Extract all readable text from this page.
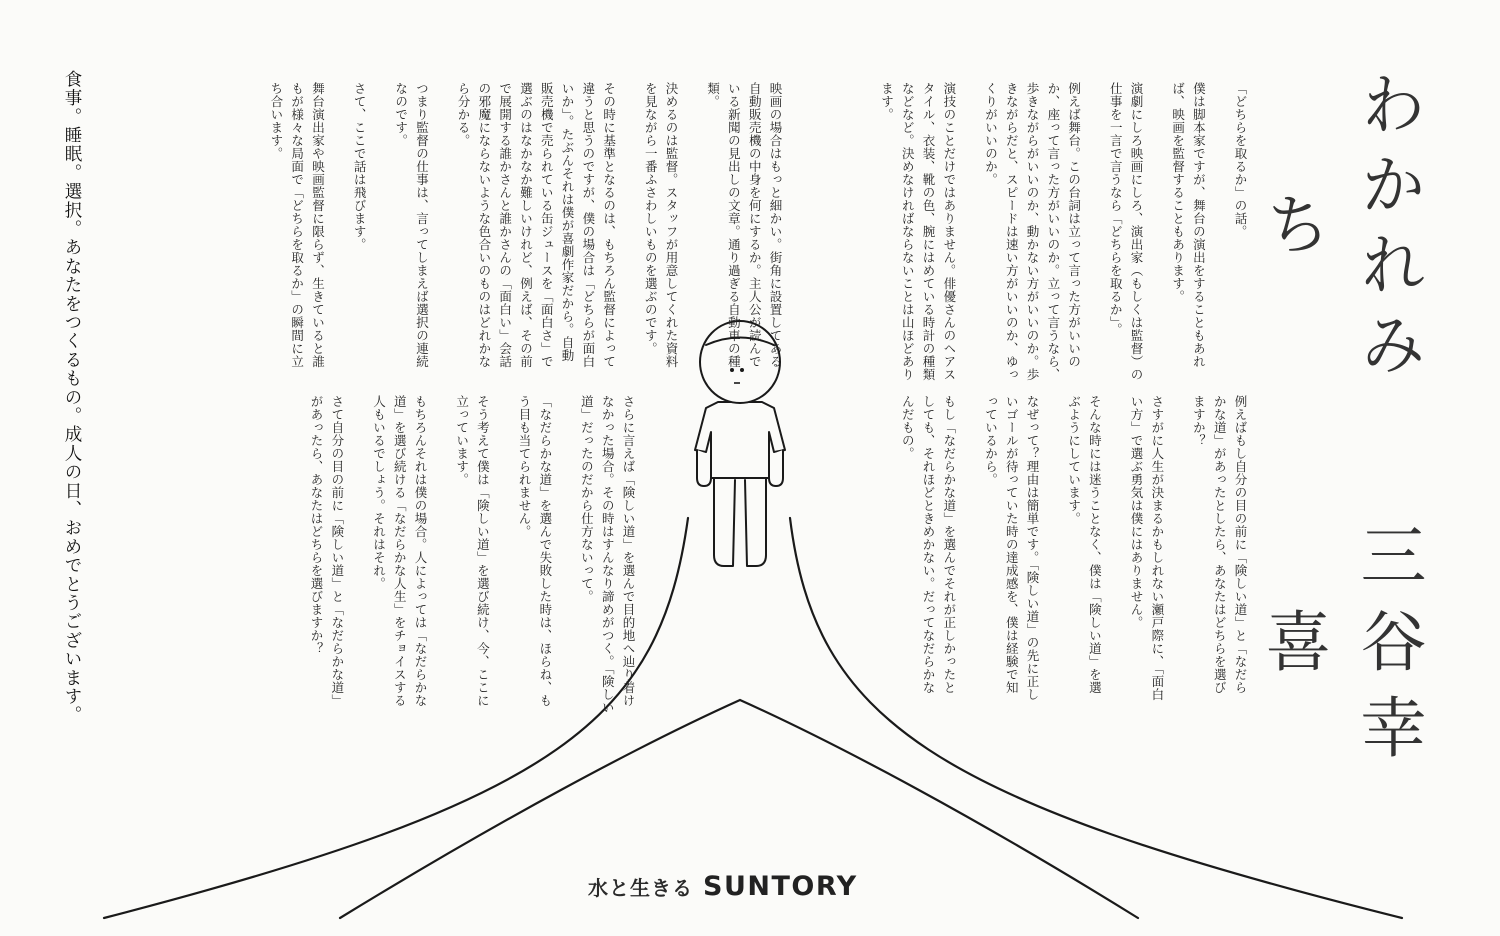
わかれみち
三谷幸喜

「どちらを取るか」の話。

僕は脚本家ですが、舞台の演出をすることもあれば、映画を監督することもあります。

演劇にしろ映画にしろ、演出家（もしくは監督）の仕事を一言で言うなら「どちらを取るか」。

例えば舞台。この台詞は立って言った方がいいのか、座って言った方がいいのか。立って言うなら、歩きながらがいいのか、動かない方がいいのか。歩きながらだと、スピードは速い方がいいのか、ゆっくりがいいのか。

演技のことだけではありません。俳優さんのヘアスタイル、衣装、靴の色、腕にはめている時計の種類などなど。決めなければならないことは山ほどあります。

映画の場合はもっと細かい。街角に設置してある自動販売機の中身を何にするか。主人公が読んでいる新聞の見出しの文章。通り過ぎる自動車の種類。

決めるのは監督。スタッフが用意してくれた資料を見ながら一番ふさわしいものを選ぶのです。

その時に基準となるのは、もちろん監督によって違うと思うのですが、僕の場合は「どちらが面白いか」。たぶんそれは僕が喜劇作家だから。自動販売機で売られている缶ジュースを「面白さ」で選ぶのはなかなか難しいけれど、例えば、その前で展開する誰かさんと誰かさんの「面白い」会話の邪魔にならないような色合いのものはどれかなら分かる。

つまり監督の仕事は、言ってしまえば選択の連続なのです。

さて、ここで話は飛びます。

舞台演出家や映画監督に限らず、生きていると誰もが様々な局面で「どちらを取るか」の瞬間に立ち合います。

例えばもし自分の目の前に「険しい道」と「なだらかな道」があったとしたら、あなたはどちらを選びますか？

さすがに人生が決まるかもしれない瀬戸際に、「面白い方」で選ぶ勇気は僕にはありません。

そんな時には迷うことなく、僕は「険しい道」を選ぶようにしています。

なぜって？理由は簡単です。「険しい道」の先に正しいゴールが待っていた時の達成感を、僕は経験で知っているから。

もし「なだらかな道」を選んでそれが正しかったとしても、それほどときめかない。だってなだらかなんだもの。

さらに言えば「険しい道」を選んで目的地へ辿り着けなかった場合。その時はすんなり諦めがつく。「険しい道」だったのだから仕方ないって。

「なだらかな道」を選んで失敗した時は、ほらね、もう目も当てられません。

そう考えて僕は「険しい道」を選び続け、今、ここに立っています。

もちろんそれは僕の場合。人によっては「なだらかな道」を選び続ける「なだらかな人生」をチョイスする人もいるでしょう。それはそれ。

さて自分の目の前に「険しい道」と「なだらかな道」があったら、あなたはどちらを選びますか？

食事。睡眠。選択。あなたをつくるもの。成人の日、おめでとうございます。

水と生きる SUNTORY
